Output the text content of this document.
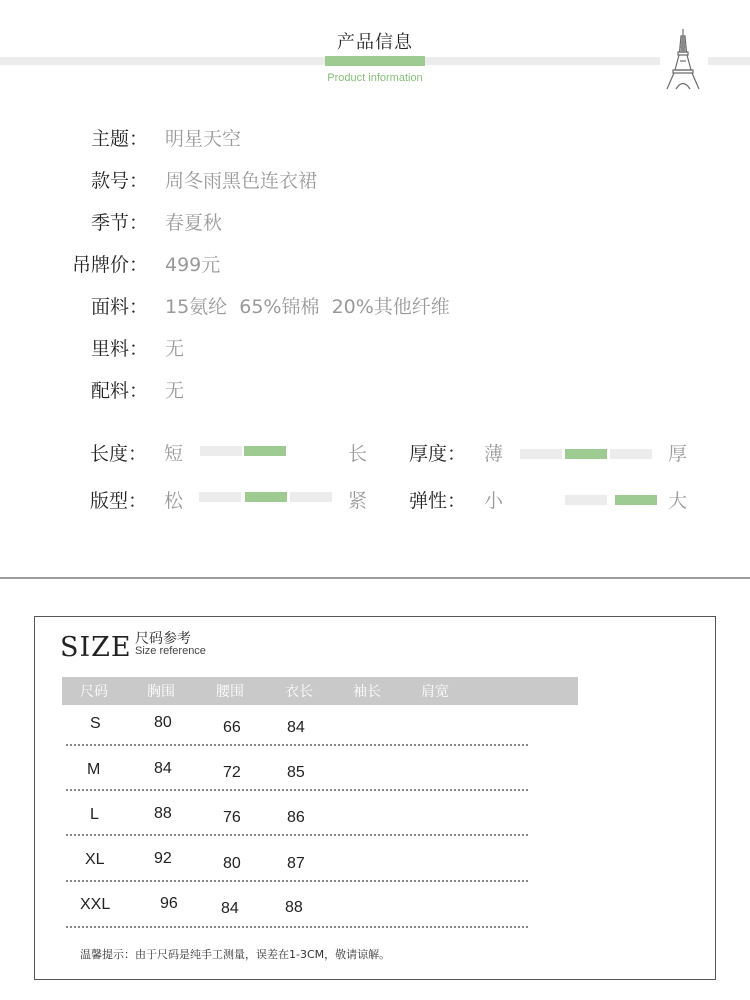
产品信息
Product information
主题： 明星天空
款号： 周冬雨黑色连衣裙
季节： 春夏秋
吊牌价： 499元
面料： 15氨纶  65%锦棉  20%其他纤维
里料： 无
配料： 无
长度： 短	长 厚度： 薄	厚
版型： 松	紧 弹性： 小	大
SIZE 尺码参考
Size reference
尺码	胸围	腰围	衣长	袖长	肩宽
S	80	66	84
M	84	72	85
L	88	76	86
XL	92	80	87
XXL	96	84	88
温馨提示：由于尺码是纯手工测量，误差在1-3CM，敬请谅解。
